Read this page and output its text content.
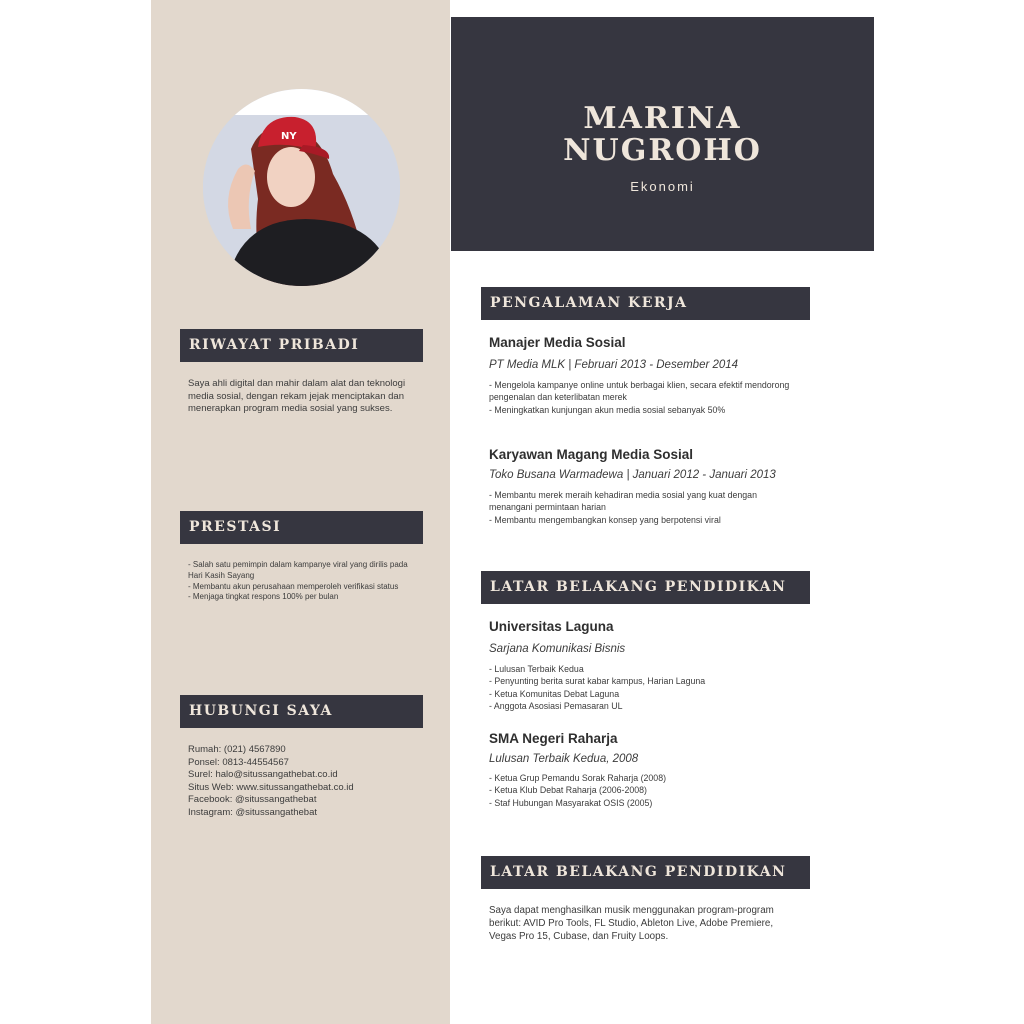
NY
MARINA
NUGROHO
Ekonomi
RIWAYAT PRIBADI
Saya ahli digital dan mahir dalam alat dan teknologi
media sosial, dengan rekam jejak menciptakan dan
menerapkan program media sosial yang sukses.
PRESTASI
- Salah satu pemimpin dalam kampanye viral yang dirilis pada
Hari Kasih Sayang
- Membantu akun perusahaan memperoleh verifikasi status
- Menjaga tingkat respons 100% per bulan
HUBUNGI SAYA
Rumah: (021) 4567890
Ponsel: 0813-44554567
Surel: halo@situssangathebat.co.id
Situs Web: www.situssangathebat.co.id
Facebook: @situssangathebat
Instagram: @situssangathebat
PENGALAMAN KERJA
Manajer Media Sosial
PT Media MLK | Februari 2013 - Desember 2014
- Mengelola kampanye online untuk berbagai klien, secara efektif mendorong
pengenalan dan keterlibatan merek
- Meningkatkan kunjungan akun media sosial sebanyak 50%
Karyawan Magang Media Sosial
Toko Busana Warmadewa | Januari 2012 - Januari 2013
- Membantu merek meraih kehadiran media sosial yang kuat dengan
menangani permintaan harian
- Membantu mengembangkan konsep yang berpotensi viral
LATAR BELAKANG PENDIDIKAN
Universitas Laguna
Sarjana Komunikasi Bisnis
- Lulusan Terbaik Kedua
- Penyunting berita surat kabar kampus, Harian Laguna
- Ketua Komunitas Debat Laguna
- Anggota Asosiasi Pemasaran UL
SMA Negeri Raharja
Lulusan Terbaik Kedua, 2008
- Ketua Grup Pemandu Sorak Raharja (2008)
- Ketua Klub Debat Raharja (2006-2008)
- Staf Hubungan Masyarakat OSIS (2005)
LATAR BELAKANG PENDIDIKAN
Saya dapat menghasilkan musik menggunakan program-program
berikut: AVID Pro Tools, FL Studio, Ableton Live, Adobe Premiere,
Vegas Pro 15, Cubase, dan Fruity Loops.
